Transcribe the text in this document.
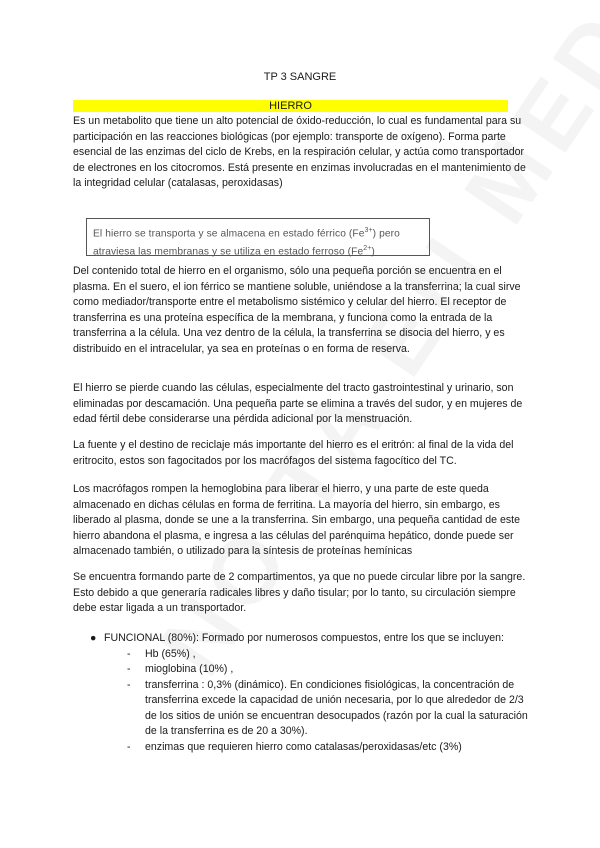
TP 3 SANGRE
HIERRO

Es un metabolito que tiene un alto potencial de óxido-reducción, lo cual es fundamental para su participación en las reacciones biológicas (por ejemplo: transporte de oxígeno). Forma parte esencial de las enzimas del ciclo de Krebs, en la respiración celular, y actúa como transportador de electrones en los citocromos. Está presente en enzimas involucradas en el mantenimiento de la integridad celular (catalasas, peroxidasas)

El hierro se transporta y se almacena en estado férrico $(Fe^{3+})$ pero
atraviesa las membranas y se utiliza en estado ferroso $(Fe^{2+})$

Del contenido total de hierro en el organismo, sólo una pequeña porción se encuentra en el plasma. En el suero, el ion férrico se mantiene soluble, uniéndose a la transferrina; la cual sirve como mediador/transporte entre el metabolismo sistémico y celular del hierro. El receptor de transferrina es una proteína específica de la membrana, y funciona como la entrada de la transferrina a la célula. Una vez dentro de la célula, la transferrina se disocia del hierro, y es distribuido en el intracelular, ya sea en proteínas o en forma de reserva.

El hierro se pierde cuando las células, especialmente del tracto gastrointestinal y urinario, son eliminadas por descamación. Una pequeña parte se elimina a través del sudor, y en mujeres de edad fértil debe considerarse una pérdida adicional por la menstruación.

La fuente y el destino de reciclaje más importante del hierro es el eritrón: al final de la vida del eritrocito, estos son fagocitados por los macrófagos del sistema fagocítico del TC.

Los macrófagos rompen la hemoglobina para liberar el hierro, y una parte de este queda almacenado en dichas células en forma de ferritina. La mayoría del hierro, sin embargo, es liberado al plasma, donde se une a la transferrina. Sin embargo, una pequeña cantidad de este hierro abandona el plasma, e ingresa a las células del parénquima hepático, donde puede ser almacenado también, o utilizado para la síntesis de proteínas hemínicas

Se encuentra formando parte de 2 compartimentos, ya que no puede circular libre por la sangre. Esto debido a que generaría radicales libres y daño tisular; por lo tanto, su circulación siempre debe estar ligada a un transportador.

● FUNCIONAL (80%): Formado por numerosos compuestos, entre los que se incluyen:
-	Hb (65%) ,
-	mioglobina (10%) ,
-	transferrina : 0,3% (dinámico). En condiciones fisiológicas, la concentración de transferrina excede la capacidad de unión necesaria, por lo que alrededor de 2/3 de los sitios de unión se encuentran desocupados (razón por la cual la saturación de la transferrina es de 20 a 30%).
-	enzimas que requieren hierro como catalasas/peroxidasas/etc (3%)
